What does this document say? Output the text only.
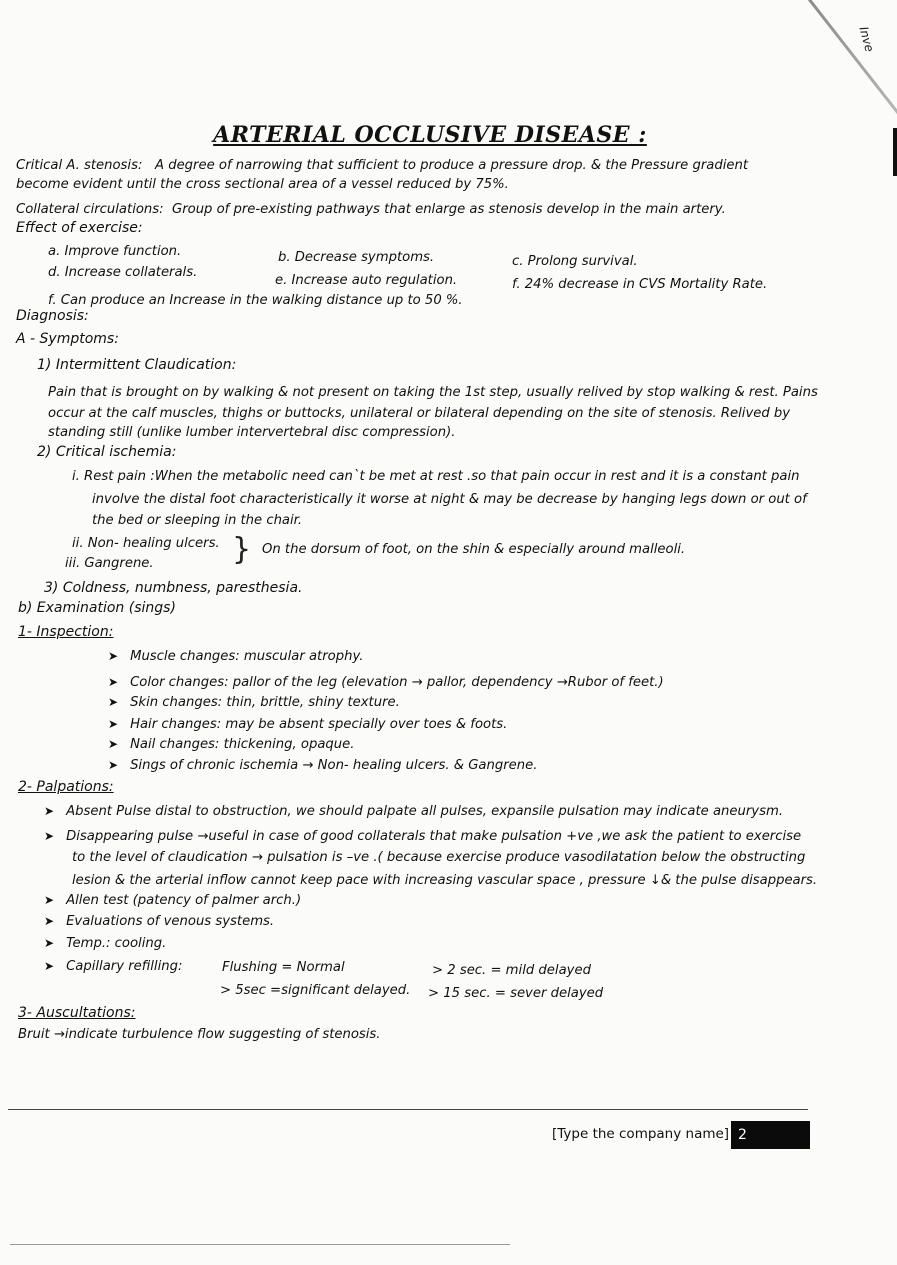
Inve
ARTERIAL OCCLUSIVE DISEASE :
Critical A. stenosis: A degree of narrowing that sufficient to produce a pressure drop. & the Pressure gradient
become evident until the cross sectional area of a vessel reduced by 75%.
Collateral circulations: Group of pre-existing pathways that enlarge as stenosis develop in the main artery.
Effect of exercise:
a. Improve function.	b. Decrease symptoms.	c. Prolong survival.
d. Increase collaterals.
e. Increase auto regulation.	f. 24% decrease in CVS Mortality Rate.
f. Can produce an Increase in the walking distance up to 50 %.
Diagnosis:
A - Symptoms:
1) Intermittent Claudication:
Pain that is brought on by walking & not present on taking the 1st step, usually relived by stop walking & rest. Pains
occur at the calf muscles, thighs or buttocks, unilateral or bilateral depending on the site of stenosis. Relived by
standing still (unlike lumber intervertebral disc compression).
2) Critical ischemia:
i. Rest pain :When the metabolic need can`t be met at rest .so that pain occur in rest and it is a constant pain
involve the distal foot characteristically it worse at night & may be decrease by hanging legs down or out of
the bed or sleeping in the chair.
ii. Non- healing ulcers.
iii. Gangrene.	} On the dorsum of foot, on the shin & especially around malleoli.
3) Coldness, numbness, paresthesia.
b) Examination (sings)
1- Inspection:
➤ Muscle changes: muscular atrophy.
➤ Color changes: pallor of the leg (elevation → pallor, dependency →Rubor of feet.)
➤ Skin changes: thin, brittle, shiny texture.
➤ Hair changes: may be absent specially over toes & foots.
➤ Nail changes: thickening, opaque.
➤ Sings of chronic ischemia → Non- healing ulcers. & Gangrene.
2- Palpations:
➤ Absent Pulse distal to obstruction, we should palpate all pulses, expansile pulsation may indicate aneurysm.
➤ Disappearing pulse →useful in case of good collaterals that make pulsation +ve ,we ask the patient to exercise
to the level of claudication → pulsation is –ve .( because exercise produce vasodilatation below the obstructing
lesion & the arterial inflow cannot keep pace with increasing vascular space , pressure ↓& the pulse disappears.
➤ Allen test (patency of palmer arch.)
➤ Evaluations of venous systems.
➤ Temp.: cooling.
➤ Capillary refilling:	Flushing = Normal	> 2 sec. = mild delayed
> 5sec =significant delayed. > 15 sec. = sever delayed
3- Auscultations:
Bruit →indicate turbulence flow suggesting of stenosis.
[Type the company name] 2
